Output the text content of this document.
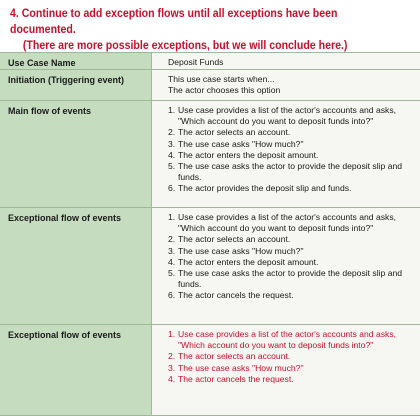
4. Continue to add exception flows until all exceptions have been documented.
(There are more possible exceptions, but we will conclude here.)
Use Case Name	Deposit Funds
Initiation (Triggering event)	This use case starts when...
The actor chooses this option
Main flow of events	1. Use case provides a list of the actor's accounts and asks, "Which account do you want to deposit funds into?"
2. The actor selects an account.
3. The use case asks "How much?"
4. The actor enters the deposit amount.
5. The use case asks the actor to provide the deposit slip and funds.
6. The actor provides the deposit slip and funds.
Exceptional flow of events	1. Use case provides a list of the actor's accounts and asks, "Which account do you want to deposit funds into?"
2. The actor selects an account.
3. The use case asks "How much?"
4. The actor enters the deposit amount.
5. The use case asks the actor to provide the deposit slip and funds.
6. The actor cancels the request.
Exceptional flow of events	1. Use case provides a list of the actor's accounts and asks, "Which account do you want to deposit funds into?"
2. The actor selects an account.
3. The use case asks "How much?"
4. The actor cancels the request.
